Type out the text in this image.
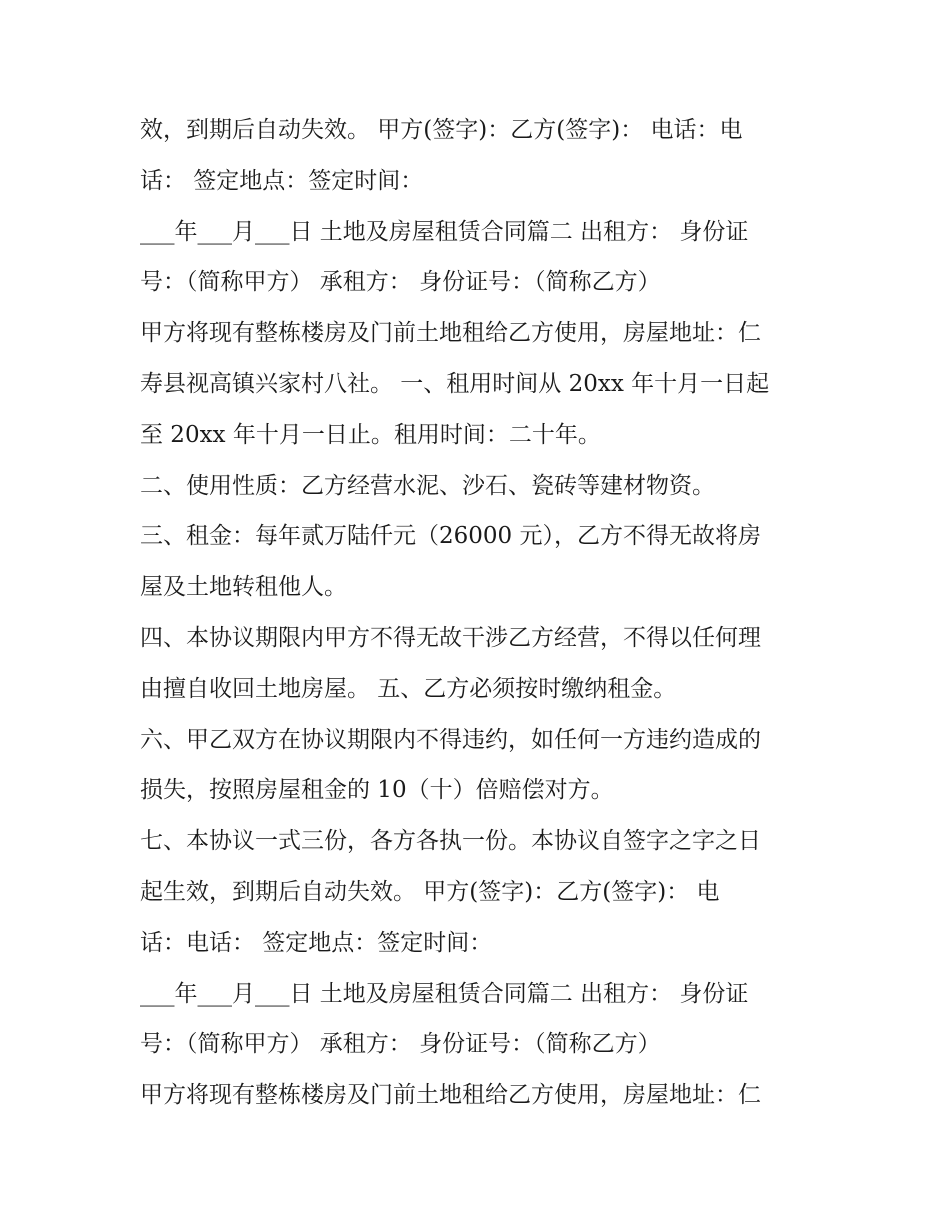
效，到期后自动失效。 甲方(签字)：乙方(签字)： 电话：电
话： 签定地点：签定时间：
___年___月___日 土地及房屋租赁合同篇二 出租方： 身份证
号：（简称甲方） 承租方： 身份证号：（简称乙方）
甲方将现有整栋楼房及门前土地租给乙方使用，房屋地址：仁
寿县视高镇兴家村八社。 一、租用时间从 20xx 年十月一日起
至 20xx 年十月一日止。租用时间：二十年。
二、使用性质：乙方经营水泥、沙石、瓷砖等建材物资。
三、租金：每年贰万陆仟元（26000 元），乙方不得无故将房
屋及土地转租他人。
四、本协议期限内甲方不得无故干涉乙方经营，不得以任何理
由擅自收回土地房屋。 五、乙方必须按时缴纳租金。
六、甲乙双方在协议期限内不得违约，如任何一方违约造成的
损失，按照房屋租金的 10（十）倍赔偿对方。
七、本协议一式三份，各方各执一份。本协议自签字之字之日
起生效，到期后自动失效。 甲方(签字)：乙方(签字)： 电
话：电话： 签定地点：签定时间：
___年___月___日 土地及房屋租赁合同篇二 出租方： 身份证
号：（简称甲方） 承租方： 身份证号：（简称乙方）
甲方将现有整栋楼房及门前土地租给乙方使用，房屋地址：仁
